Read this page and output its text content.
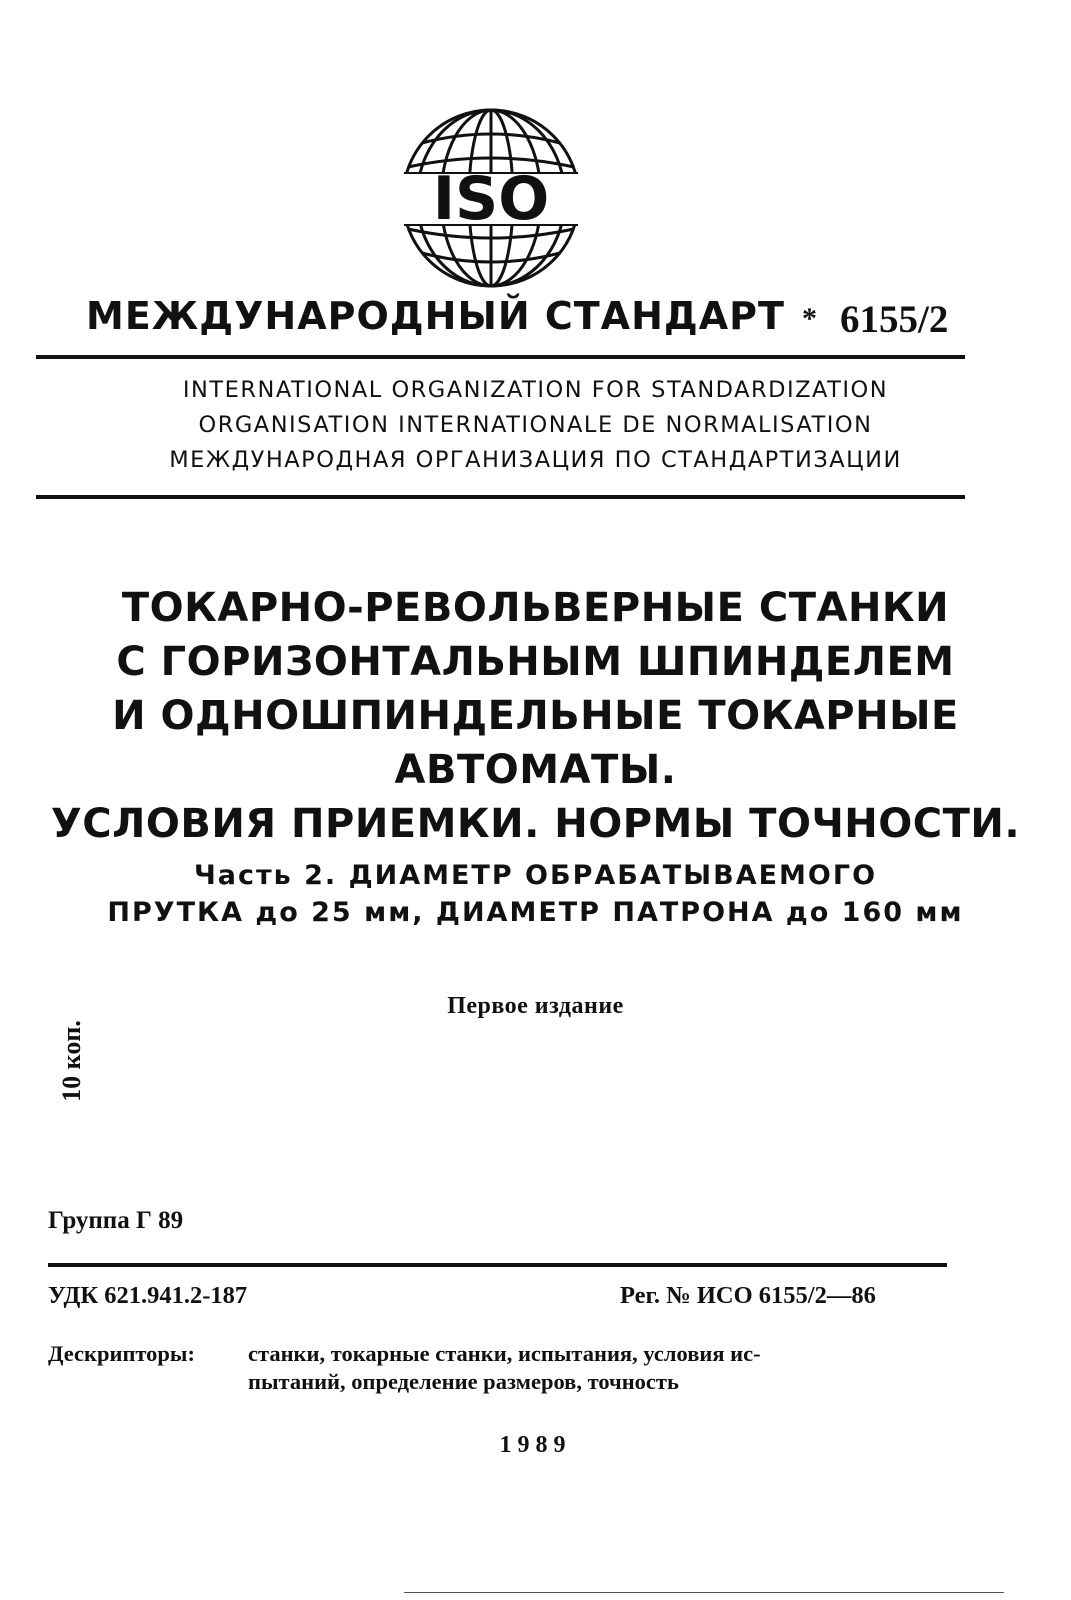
ISO
МЕЖДУНАРОДНЫЙ СТАНДАРТ * 6155/2
INTERNATIONAL ORGANIZATION FOR STANDARDIZATION
ORGANISATION INTERNATIONALE DE NORMALISATION
МЕЖДУНАРОДНАЯ ОРГАНИЗАЦИЯ ПО СТАНДАРТИЗАЦИИ
ТОКАРНО-РЕВОЛЬВЕРНЫЕ СТАНКИ
С ГОРИЗОНТАЛЬНЫМ ШПИНДЕЛЕМ
И ОДНОШПИНДЕЛЬНЫЕ ТОКАРНЫЕ
АВТОМАТЫ.
УСЛОВИЯ ПРИЕМКИ. НОРМЫ ТОЧНОСТИ.
Часть 2. ДИАМЕТР ОБРАБАТЫВАЕМОГО
ПРУТКА до 25 мм, ДИАМЕТР ПАТРОНА до 160 мм
Первое издание
10 коп.
Группа Г 89
УДК 621.941.2-187	Рег. № ИСО 6155/2—86
Дескрипторы: станки, токарные станки, испытания, условия ис-
пытаний, определение размеров, точность
1989
